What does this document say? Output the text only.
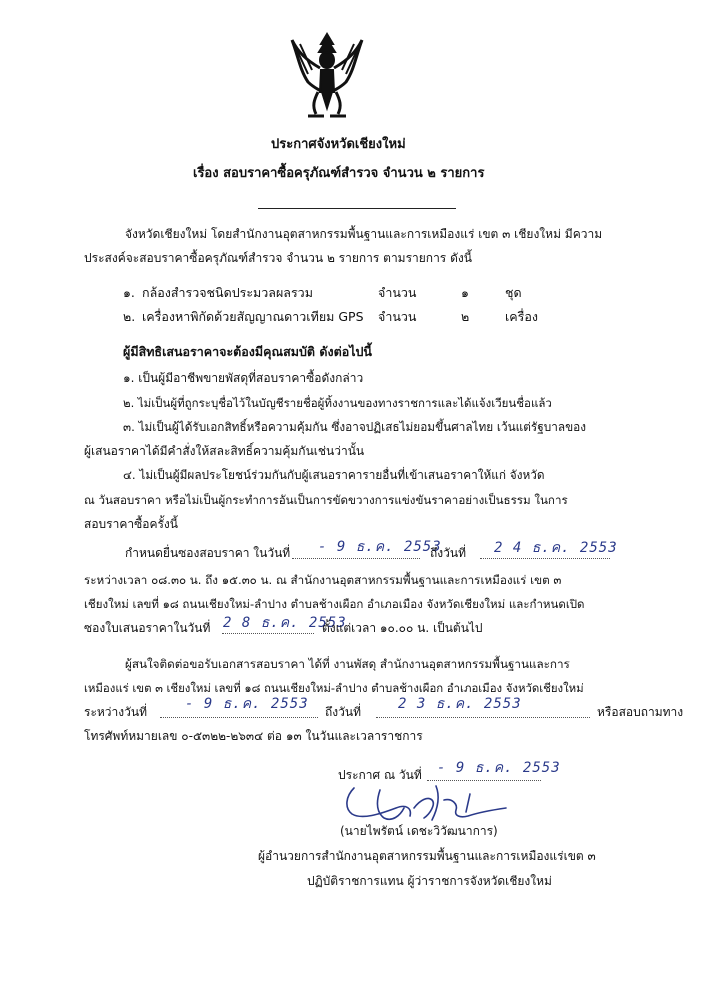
ประกาศจังหวัดเชียงใหม่
เรื่อง สอบราคาซื้อครุภัณฑ์สำรวจ จำนวน ๒ รายการ
จังหวัดเชียงใหม่ โดยสำนักงานอุตสาหกรรมพื้นฐานและการเหมืองแร่ เขต ๓ เชียงใหม่ มีความ
ประสงค์จะสอบราคาซื้อครุภัณฑ์สำรวจ จำนวน ๒ รายการ ตามรายการ ดังนี้
๑. กล้องสำรวจชนิดประมวลผลรวม	จำนวน	๑	ชุด
๒. เครื่องหาพิกัดด้วยสัญญาณดาวเทียม GPS จำนวน	๒	เครื่อง
ผู้มีสิทธิเสนอราคาจะต้องมีคุณสมบัติ ดังต่อไปนี้
๑. เป็นผู้มีอาชีพขายพัสดุที่สอบราคาซื้อดังกล่าว
๒. ไม่เป็นผู้ที่ถูกระบุชื่อไว้ในบัญชีรายชื่อผู้ทิ้งงานของทางราชการและได้แจ้งเวียนชื่อแล้ว
๓. ไม่เป็นผู้ได้รับเอกสิทธิ์หรือความคุ้มกัน ซึ่งอาจปฏิเสธไม่ยอมขึ้นศาลไทย เว้นแต่รัฐบาลของ
ผู้เสนอราคาได้มีคำสั่งให้สละสิทธิ์ความคุ้มกันเช่นว่านั้น
๔. ไม่เป็นผู้มีผลประโยชน์ร่วมกันกับผู้เสนอราคารายอื่นที่เข้าเสนอราคาให้แก่ จังหวัด
ณ วันสอบราคา หรือไม่เป็นผู้กระทำการอันเป็นการขัดขวางการแข่งขันราคาอย่างเป็นธรรม ในการ
สอบราคาซื้อครั้งนี้
กำหนดยื่นซองสอบราคา ในวันที่ - 9 ธ.ค. 2553
ถึงวันที่ 2 4 ธ.ค. 2553
ระหว่างเวลา ๐๘.๓๐ น. ถึง ๑๕.๓๐ น. ณ สำนักงานอุตสาหกรรมพื้นฐานและการเหมืองแร่ เขต ๓
เชียงใหม่ เลขที่ ๑๘ ถนนเชียงใหม่-ลำปาง ตำบลช้างเผือก อำเภอเมือง จังหวัดเชียงใหม่ และกำหนดเปิด
ซองใบเสนอราคาในวันที่ 2 8 ธ.ค. 2553
ตั้งแต่เวลา ๑๐.๐๐ น. เป็นต้นไป
ผู้สนใจติดต่อขอรับเอกสารสอบราคา ได้ที่ งานพัสดุ สำนักงานอุตสาหกรรมพื้นฐานและการ
เหมืองแร่ เขต ๓ เชียงใหม่ เลขที่ ๑๘ ถนนเชียงใหม่-ลำปาง ตำบลช้างเผือก อำเภอเมือง จังหวัดเชียงใหม่
ระหว่างวันที่	- 9 ธ.ค. 2553 ถึงวันที่	2 3 ธ.ค. 2553	หรือสอบถามทาง
โทรศัพท์หมายเลข ๐-๕๓๒๒-๒๖๓๔ ต่อ ๑๓ ในวันและเวลาราชการ
ประกาศ ณ วันที่ - 9 ธ.ค. 2553
(นายไพรัตน์ เดชะวิวัฒนาการ)
ผู้อำนวยการสำนักงานอุตสาหกรรมพื้นฐานและการเหมืองแร่เขต ๓
ปฏิบัติราชการแทน ผู้ว่าราชการจังหวัดเชียงใหม่
